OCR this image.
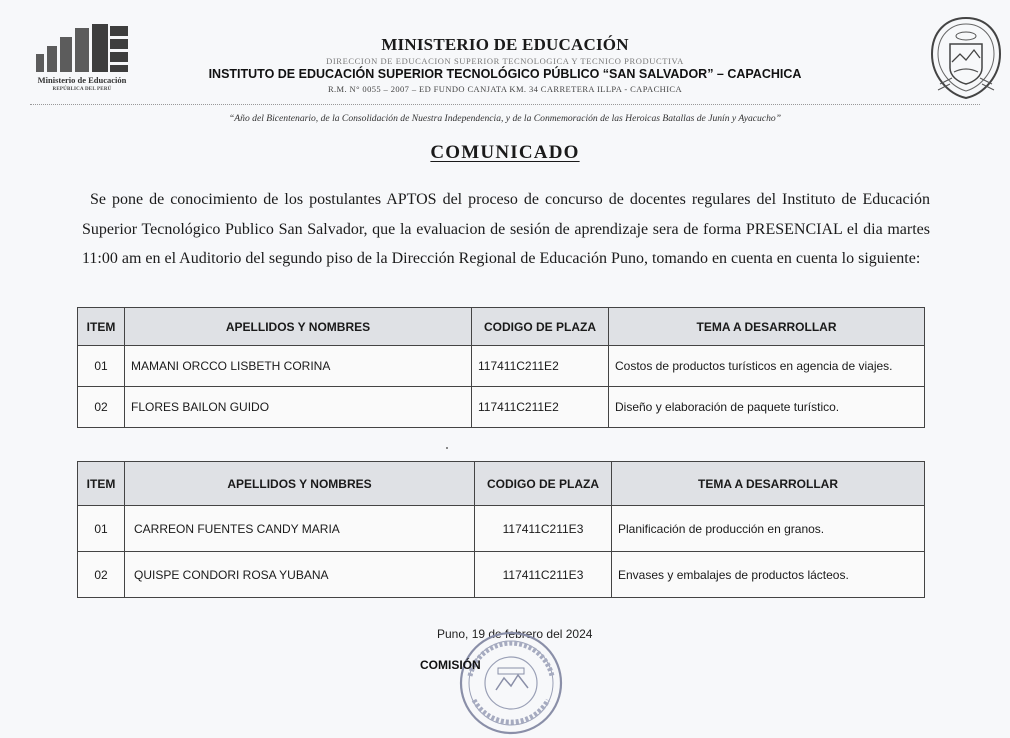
Ministerio de Educación
REPÚBLICA DEL PERÚ
MINISTERIO DE EDUCACIÓN
DIRECCION DE EDUCACION SUPERIOR TECNOLOGICA Y TECNICO PRODUCTIVA
INSTITUTO DE EDUCACIÓN SUPERIOR TECNOLÓGICO PÚBLICO “SAN SALVADOR” – CAPACHICA
R.M. N° 0055 – 2007 – ED FUNDO CANJATA KM. 34 CARRETERA ILLPA - CAPACHICA
“Año del Bicentenario, de la Consolidación de Nuestra Independencia, y de la Conmemoración de las Heroicas Batallas de Junín y Ayacucho”
COMUNICADO
Se pone de conocimiento de los postulantes APTOS del proceso de concurso de docentes regulares del Instituto de Educación Superior Tecnológico Publico San Salvador, que la evaluacion de sesión de aprendizaje sera de forma PRESENCIAL el dia martes 11:00 am en el Auditorio del segundo piso de la Dirección Regional de Educación Puno, tomando en cuenta en cuenta lo siguiente:
ITEM	APELLIDOS Y NOMBRES	CODIGO DE PLAZA	TEMA A DESARROLLAR
01	MAMANI ORCCO LISBETH CORINA	117411C211E2	Costos de productos turísticos en agencia de viajes.
02	FLORES BAILON GUIDO	117411C211E2	Diseño y elaboración de paquete turístico.
ITEM	APELLIDOS Y NOMBRES	CODIGO DE PLAZA	TEMA A DESARROLLAR
01	CARREON FUENTES CANDY MARIA	117411C211E3	Planificación de producción en granos.
02	QUISPE CONDORI ROSA YUBANA	117411C211E3	Envases y embalajes de productos lácteos.
Puno, 19 de febrero del 2024
COMISIÓN
